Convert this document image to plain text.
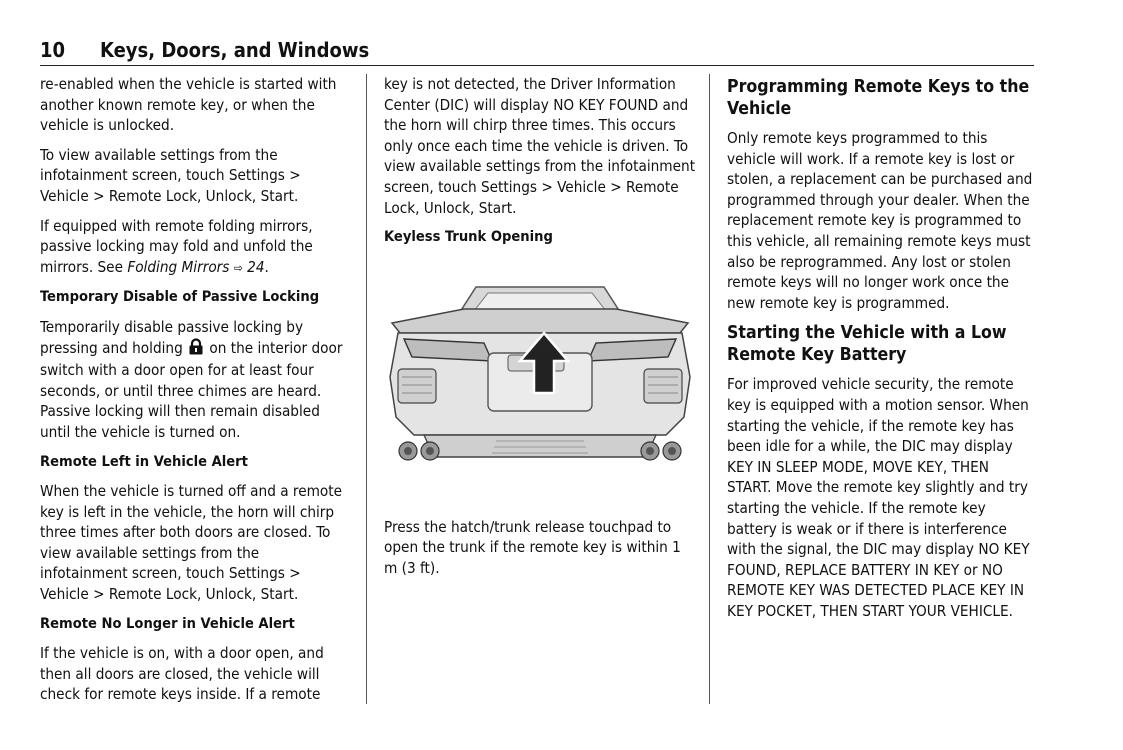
10 Keys, Doors, and Windows

re-enabled when the vehicle is started with another known remote key, or when the vehicle is unlocked.

To view available settings from the infotainment screen, touch Settings > Vehicle > Remote Lock, Unlock, Start.

If equipped with remote folding mirrors, passive locking may fold and unfold the mirrors. See Folding Mirrors ⇨ 24.

Temporary Disable of Passive Locking

Temporarily disable passive locking by pressing and holding  on the interior door switch with a door open for at least four seconds, or until three chimes are heard. Passive locking will then remain disabled until the vehicle is turned on.

Remote Left in Vehicle Alert

When the vehicle is turned off and a remote key is left in the vehicle, the horn will chirp three times after both doors are closed. To view available settings from the infotainment screen, touch Settings > Vehicle > Remote Lock, Unlock, Start.

Remote No Longer in Vehicle Alert

If the vehicle is on, with a door open, and then all doors are closed, the vehicle will check for remote keys inside. If a remote

key is not detected, the Driver Information Center (DIC) will display NO KEY FOUND and the horn will chirp three times. This occurs only once each time the vehicle is driven. To view available settings from the infotainment screen, touch Settings > Vehicle > Remote Lock, Unlock, Start.

Keyless Trunk Opening

Press the hatch/trunk release touchpad to open the trunk if the remote key is within 1 m (3 ft).

Programming Remote Keys to the Vehicle

Only remote keys programmed to this vehicle will work. If a remote key is lost or stolen, a replacement can be purchased and programmed through your dealer. When the replacement remote key is programmed to this vehicle, all remaining remote keys must also be reprogrammed. Any lost or stolen remote keys will no longer work once the new remote key is programmed.

Starting the Vehicle with a Low Remote Key Battery

For improved vehicle security, the remote key is equipped with a motion sensor. When starting the vehicle, if the remote key has been idle for a while, the DIC may display KEY IN SLEEP MODE, MOVE KEY, THEN START. Move the remote key slightly and try starting the vehicle. If the remote key battery is weak or if there is interference with the signal, the DIC may display NO KEY FOUND, REPLACE BATTERY IN KEY or NO REMOTE KEY WAS DETECTED PLACE KEY IN KEY POCKET, THEN START YOUR VEHICLE.
